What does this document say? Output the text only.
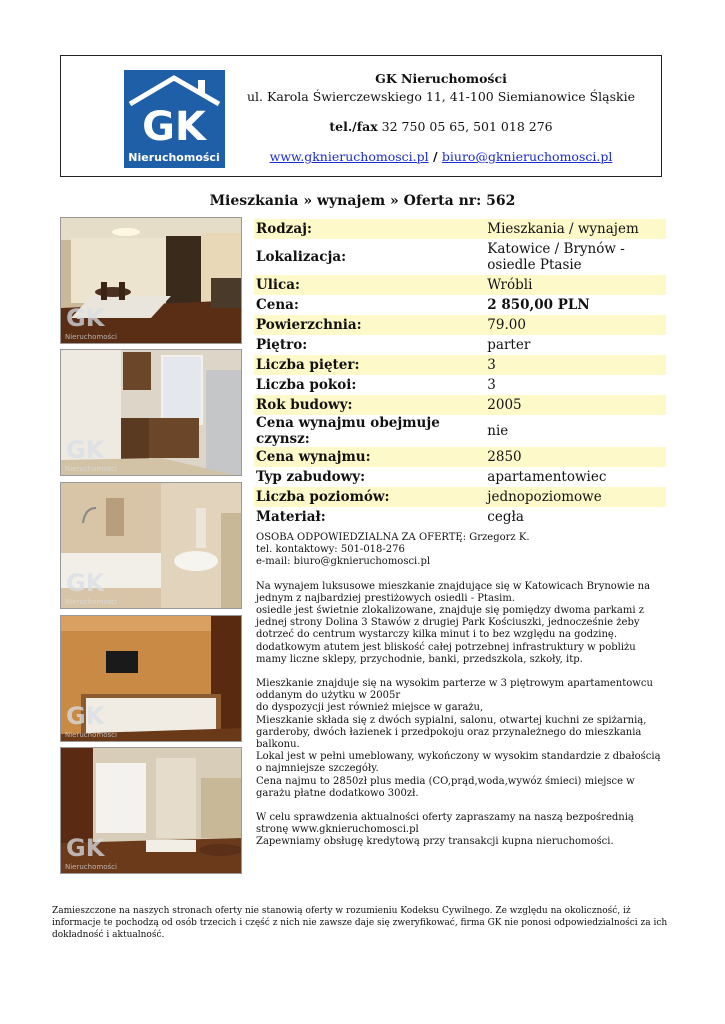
GK
Nieruchomości
GK Nieruchomości
ul. Karola Świerczewskiego 11, 41-100 Siemianowice Śląskie
tel./fax 32 750 05 65, 501 018 276
www.gknieruchomosci.pl / biuro@gknieruchomosci.pl
Mieszkania » wynajem » Oferta nr: 562
GK
Nieruchomości
GK
Nieruchomości
GK
Nieruchomości
GK
Nieruchomości
GK
Nieruchomości
Rodzaj:	Mieszkania / wynajem
Lokalizacja:	Katowice / Brynów - osiedle Ptasie
Ulica:	Wróbli
Cena:	2 850,00 PLN
Powierzchnia:	79.00
Piętro:	parter
Liczba pięter:	3
Liczba pokoi:	3
Rok budowy:	2005
Cena wynajmu obejmuje czynsz:	nie
Cena wynajmu:	2850
Typ zabudowy:	apartamentowiec
Liczba poziomów:	jednopoziomowe
Materiał:	cegła

OSOBA ODPOWIEDZIALNA ZA OFERTĘ: Grzegorz K.
tel. kontaktowy: 501-018-276
e-mail: biuro@gknieruchomosci.pl

Na wynajem luksusowe mieszkanie znajdujące się w Katowicach Brynowie na jednym z najbardziej prestiżowych osiedli - Ptasim.
osiedle jest świetnie zlokalizowane, znajduje się pomiędzy dwoma parkami z jednej strony Dolina 3 Stawów z drugiej Park Kościuszki, jednocześnie żeby dotrzeć do centrum wystarczy kilka minut i to bez względu na godzinę.
dodatkowym atutem jest bliskość całej potrzebnej infrastruktury w pobliżu mamy liczne sklepy, przychodnie, banki, przedszkola, szkoły, itp.

Mieszkanie znajduje się na wysokim parterze w 3 piętrowym apartamentowcu oddanym do użytku w 2005r
do dyspozycji jest również miejsce w garażu,
Mieszkanie składa się z dwóch sypialni, salonu, otwartej kuchni ze spiżarnią, garderoby, dwóch łazienek i przedpokoju oraz przynależnego do mieszkania balkonu.
Lokal jest w pełni umeblowany, wykończony w wysokim standardzie z dbałością o najmniejsze szczegóły.
Cena najmu to 2850zł plus media (CO,prąd,woda,wywóz śmieci) miejsce w garażu płatne dodatkowo 300zł.

W celu sprawdzenia aktualności oferty zapraszamy na naszą bezpośrednią stronę www.gknieruchomosci.pl
Zapewniamy obsługę kredytową przy transakcji kupna nieruchomości.

Zamieszczone na naszych stronach oferty nie stanowią oferty w rozumieniu Kodeksu Cywilnego. Ze względu na okoliczność, iż informacje te pochodzą od osób trzecich i część z nich nie zawsze daje się zweryfikować, firma GK nie ponosi odpowiedzialności za ich dokładność i aktualność.
